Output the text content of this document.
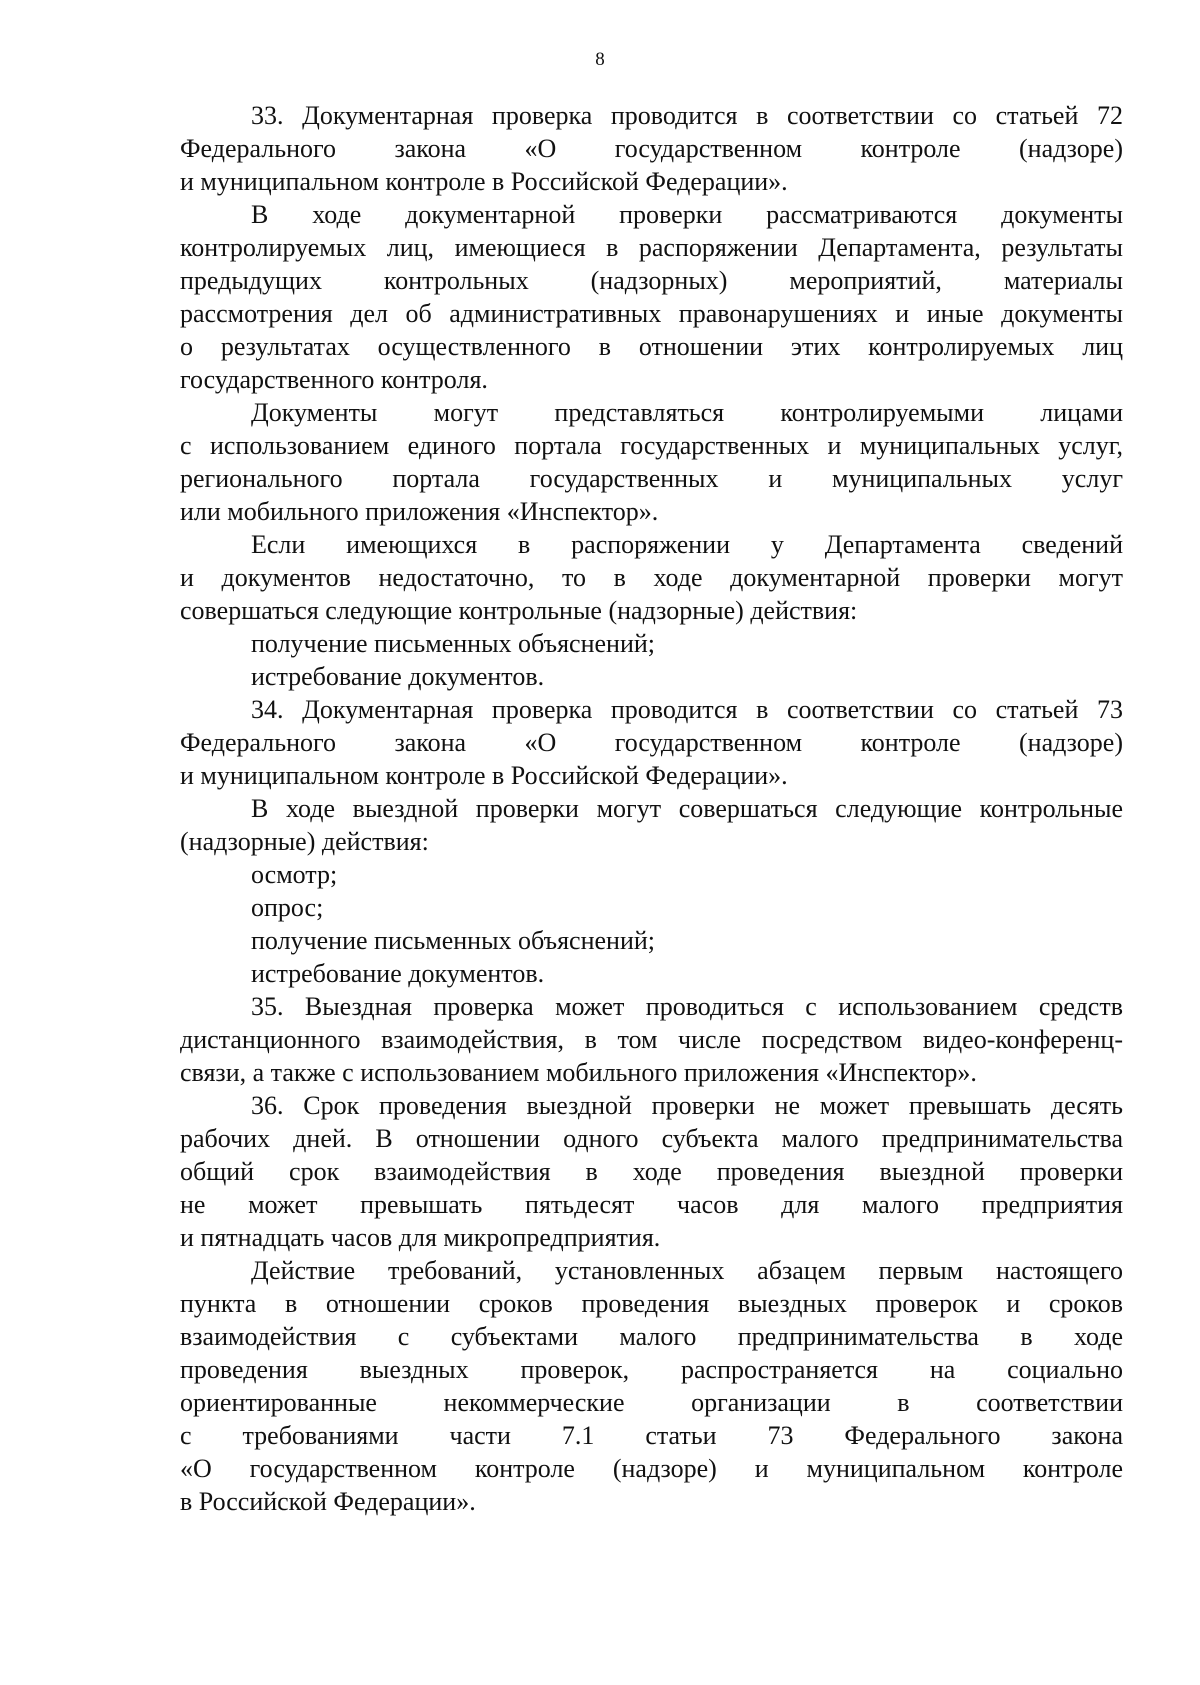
8
33. Документарная проверка проводится в соответствии со статьей 72
Федерального закона «О государственном контроле (надзоре)
и муниципальном контроле в Российской Федерации».
В ходе документарной проверки рассматриваются документы
контролируемых лиц, имеющиеся в распоряжении Департамента, результаты
предыдущих контрольных (надзорных) мероприятий, материалы
рассмотрения дел об административных правонарушениях и иные документы
о результатах осуществленного в отношении этих контролируемых лиц
государственного контроля.
Документы могут представляться контролируемыми лицами
с использованием единого портала государственных и муниципальных услуг,
регионального портала государственных и муниципальных услуг
или мобильного приложения «Инспектор».
Если имеющихся в распоряжении у Департамента сведений
и документов недостаточно, то в ходе документарной проверки могут
совершаться следующие контрольные (надзорные) действия:
получение письменных объяснений;
истребование документов.
34. Документарная проверка проводится в соответствии со статьей 73
Федерального закона «О государственном контроле (надзоре)
и муниципальном контроле в Российской Федерации».
В ходе выездной проверки могут совершаться следующие контрольные
(надзорные) действия:
осмотр;
опрос;
получение письменных объяснений;
истребование документов.
35. Выездная проверка может проводиться с использованием средств
дистанционного взаимодействия, в том числе посредством видео-конференц-
связи, а также с использованием мобильного приложения «Инспектор».
36. Срок проведения выездной проверки не может превышать десять
рабочих дней. В отношении одного субъекта малого предпринимательства
общий срок взаимодействия в ходе проведения выездной проверки
не может превышать пятьдесят часов для малого предприятия
и пятнадцать часов для микропредприятия.
Действие требований, установленных абзацем первым настоящего
пункта в отношении сроков проведения выездных проверок и сроков
взаимодействия с субъектами малого предпринимательства в ходе
проведения выездных проверок, распространяется на социально
ориентированные некоммерческие организации в соответствии
с требованиями части 7.1 статьи 73 Федерального закона
«О государственном контроле (надзоре) и муниципальном контроле
в Российской Федерации».
